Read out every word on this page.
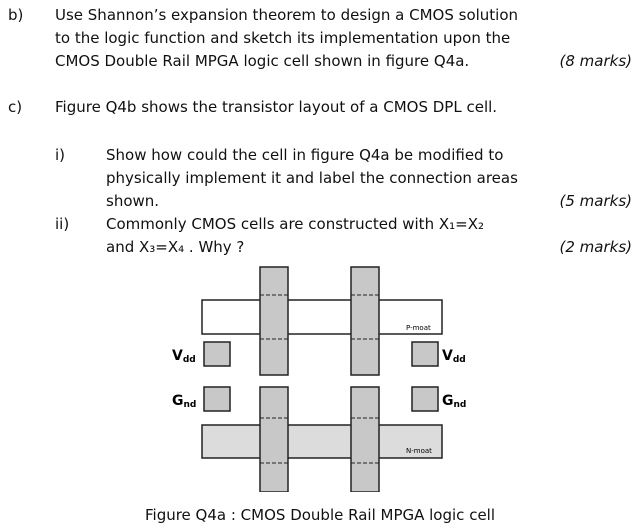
b) Use Shannon’s expansion theorem to design a CMOS solution
to the logic function and sketch its implementation upon the
CMOS Double Rail MPGA logic cell shown in figure Q4a.	(8 marks)
c) Figure Q4b shows the transistor layout of a CMOS DPL cell.
i)	Show how could the cell in figure Q4a be modified to
physically implement it and label the connection areas
shown.	(5 marks)
ii) Commonly CMOS cells are constructed with X₁=X₂
and X₃=X₄ . Why ?	(2 marks)
P-moat
N-moat
Vdd	Vdd
Gnd	Gnd
Figure Q4a : CMOS Double Rail MPGA logic cell
